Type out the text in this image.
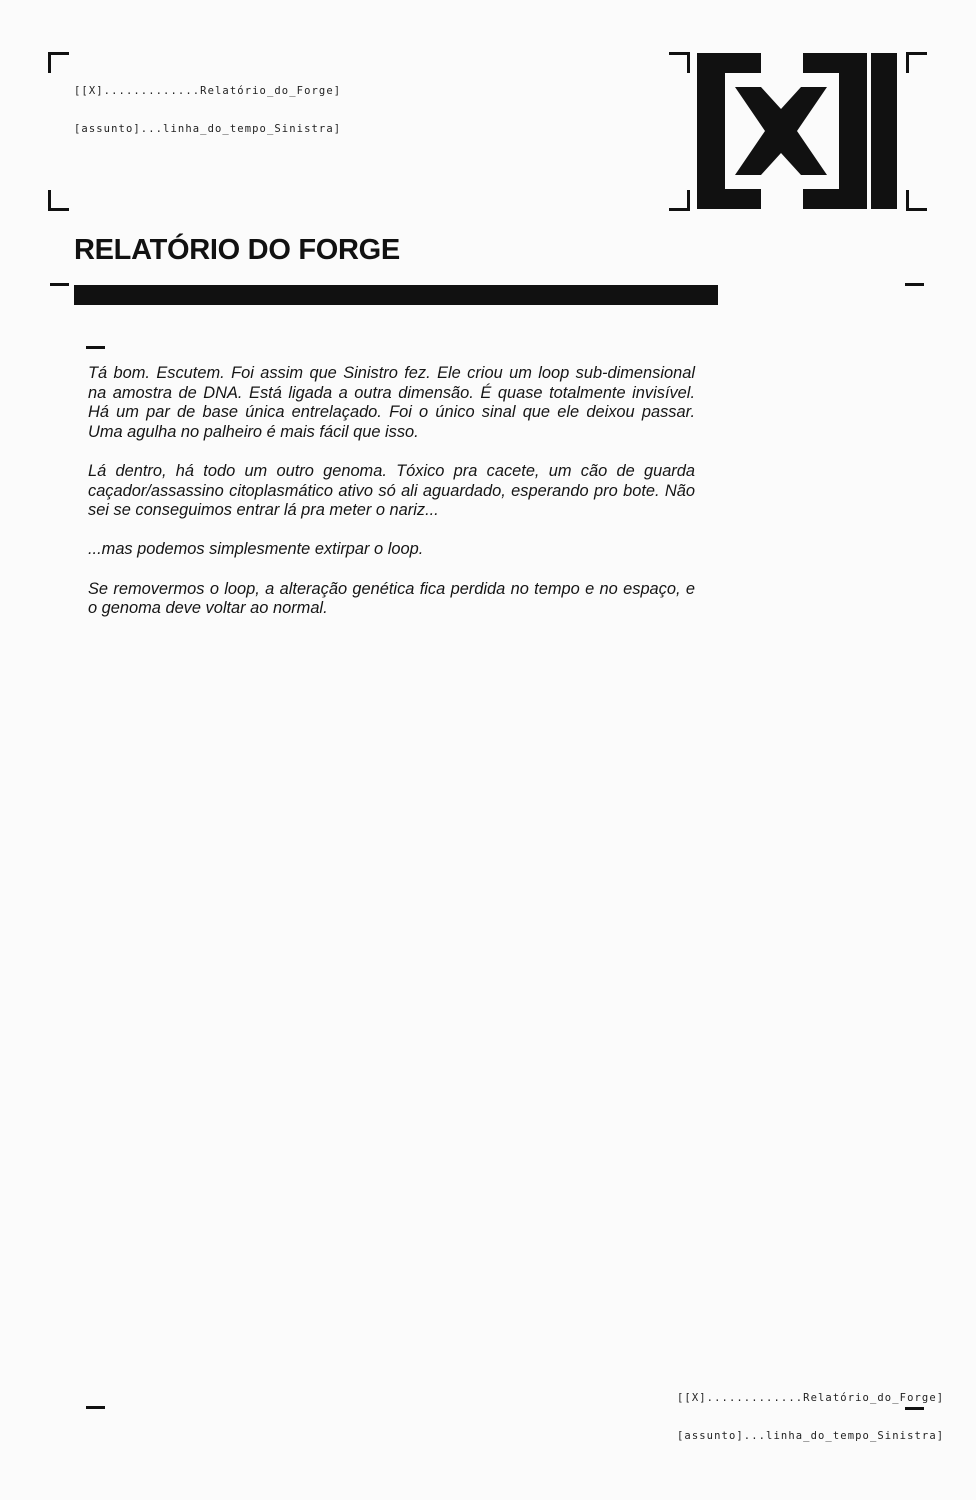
[[X].............Relatório_do_Forge]

[assunto]...linha_do_tempo_Sinistra]

RELATÓRIO DO FORGE

Tá bom. Escutem. Foi assim que Sinistro fez. Ele criou um loop sub-dimensional na amostra de DNA. Está ligada a outra dimensão. É quase totalmente invisível. Há um par de base única entrelaçado. Foi o único sinal que ele deixou passar. Uma agulha no palheiro é mais fácil que isso.

Lá dentro, há todo um outro genoma. Tóxico pra cacete, um cão de guarda caçador/assassino citoplasmático ativo só ali aguardado, esperando pro bote. Não sei se conseguimos entrar lá pra meter o nariz...

...mas podemos simplesmente extirpar o loop.

Se removermos o loop, a alteração genética fica perdida no tempo e no espaço, e o genoma deve voltar ao normal.

[[X].............Relatório_do_Forge]

[assunto]...linha_do_tempo_Sinistra]
